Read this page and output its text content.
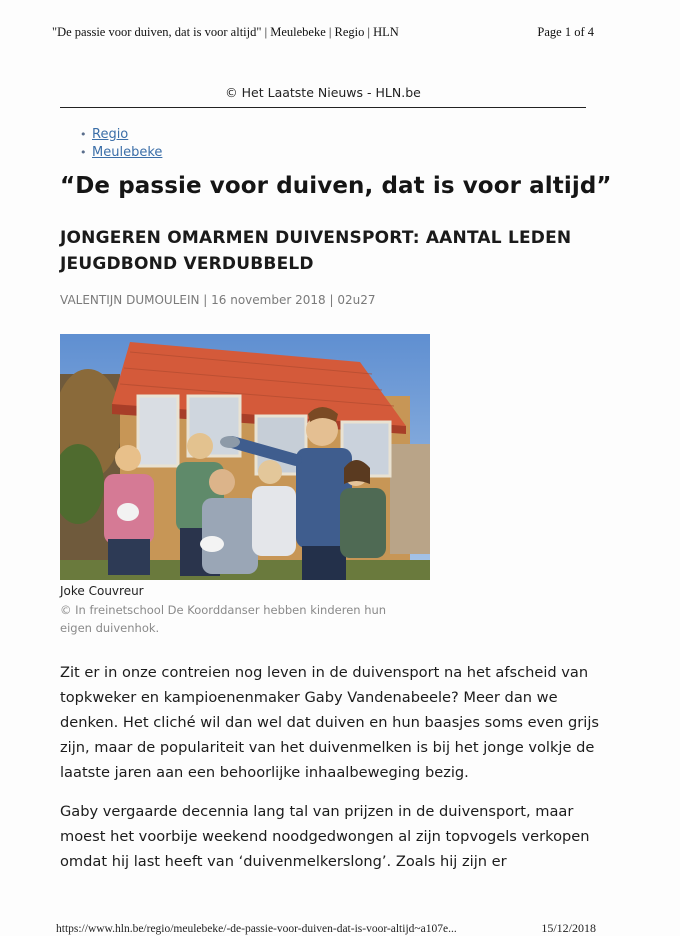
"De passie voor duiven, dat is voor altijd" | Meulebeke | Regio | HLN	Page 1 of 4
© Het Laatste Nieuws - HLN.be
• Regio
• Meulebeke
“De passie voor duiven, dat is voor altijd”
JONGEREN OMARMEN DUIVENSPORT: AANTAL LEDEN JEUGDBOND VERDUBBELD
VALENTIJN DUMOULEIN | 16 november 2018 | 02u27
Joke Couvreur
© In freinetschool De Koorddanser hebben kinderen hun eigen duivenhok.

Zit er in onze contreien nog leven in de duivensport na het afscheid van topkweker en kampioenenmaker Gaby Vandenabeele? Meer dan we denken. Het cliché wil dan wel dat duiven en hun baasjes soms even grijs zijn, maar de populariteit van het duivenmelken is bij het jonge volkje de laatste jaren aan een behoorlijke inhaalbeweging bezig.

Gaby vergaarde decennia lang tal van prijzen in de duivensport, maar moest het voorbije weekend noodgedwongen al zijn topvogels verkopen omdat hij last heeft van ‘duivenmelkerslong’. Zoals hij zijn er

https://www.hln.be/regio/meulebeke/-de-passie-voor-duiven-dat-is-voor-altijd~a107e...	15/12/2018
